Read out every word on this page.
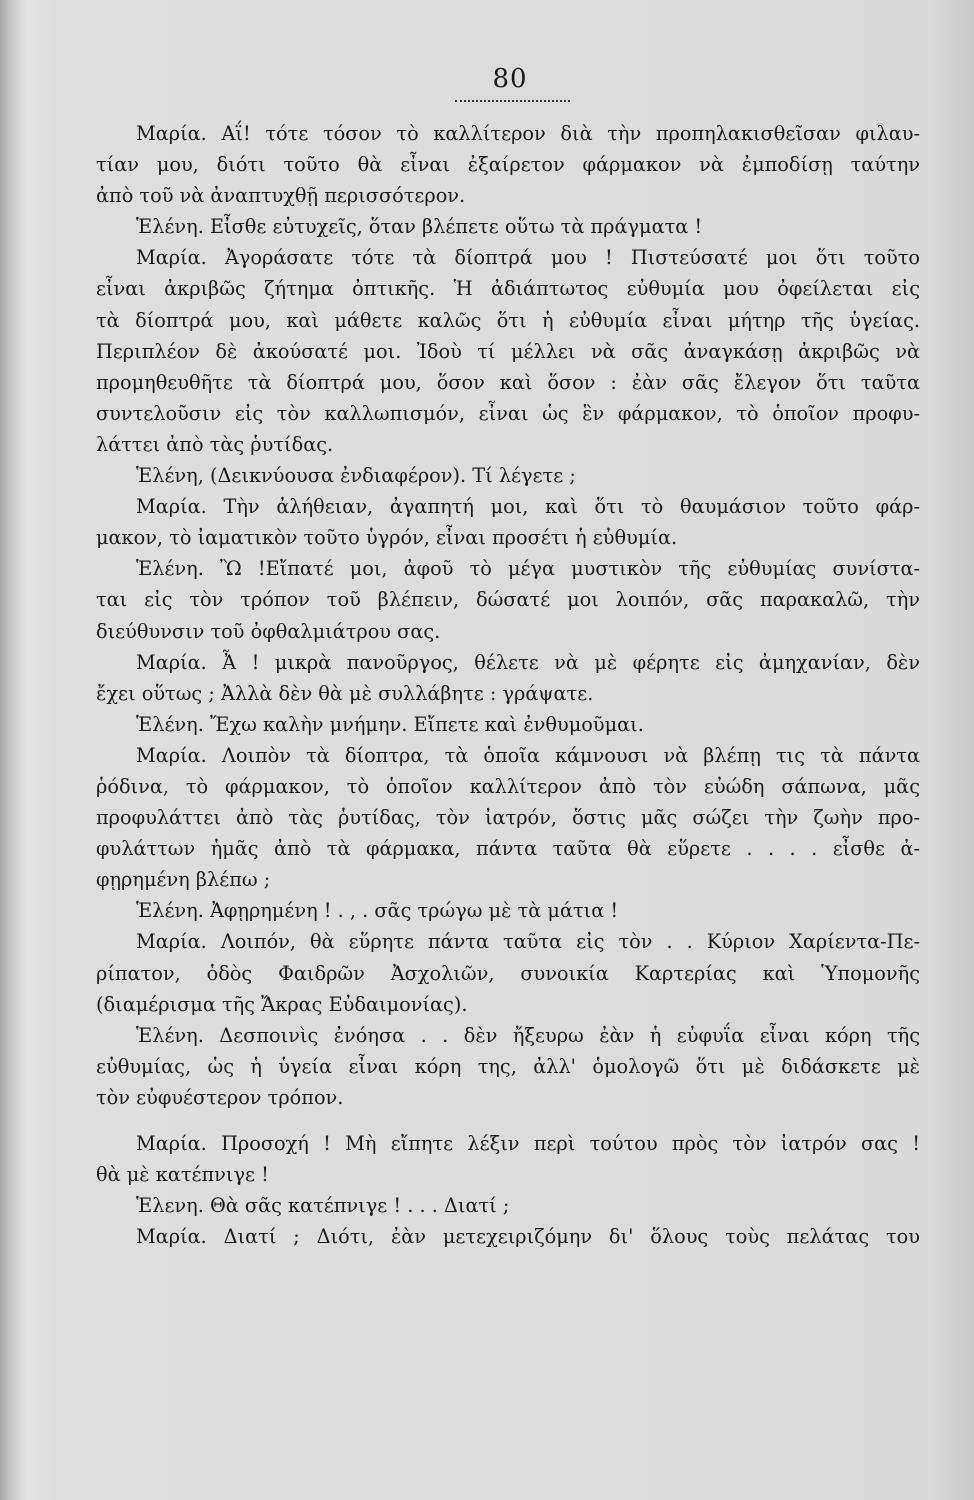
80
Μαρία. Αΐ! τότε τόσον τὸ καλλίτερον διὰ τὴν προπηλακισθεῖσαν φιλαυ-
τίαν μου, διότι τοῦτο θὰ εἶναι ἐξαίρετον φάρμακον νὰ ἐμποδίσῃ ταύτην
ἀπὸ τοῦ νὰ ἀναπτυχθῇ περισσότερον.
Ἑλένη. Εἶσθε εὐτυχεῖς, ὅταν βλέπετε οὕτω τὰ πράγματα !
Μαρία. Ἀγοράσατε τότε τὰ δίοπτρά μου ! Πιστεύσατέ μοι ὅτι τοῦτο
εἶναι ἀκριβῶς ζήτημα ὀπτικῆς. Ἡ ἀδιάπτωτος εὐθυμία μου ὀφείλεται εἰς
τὰ δίοπτρά μου, καὶ μάθετε καλῶς ὅτι ἡ εὐθυμία εἶναι μήτηρ τῆς ὑγείας.
Περιπλέον δὲ ἀκούσατέ μοι. Ἰδοὺ τί μέλλει νὰ σᾶς ἀναγκάσῃ ἀκριβῶς νὰ
προμηθευθῆτε τὰ δίοπτρά μου, ὅσον καὶ ὅσον : ἐὰν σᾶς ἔλεγον ὅτι ταῦτα
συντελοῦσιν εἰς τὸν καλλωπισμόν, εἶναι ὡς ἓν φάρμακον, τὸ ὁποῖον προφυ-
λάττει ἀπὸ τὰς ῥυτίδας.
Ἑλένη, (Δεικνύουσα ἐνδιαφέρον). Τί λέγετε ;
Μαρία. Τὴν ἀλήθειαν, ἀγαπητή μοι, καὶ ὅτι τὸ θαυμάσιον τοῦτο φάρ-
μακον, τὸ ἰαματικὸν τοῦτο ὑγρόν, εἶναι προσέτι ἡ εὐθυμία.
Ἑλένη. Ὢ !Εἴπατέ μοι, ἀφοῦ τὸ μέγα μυστικὸν τῆς εὐθυμίας συνίστα-
ται εἰς τὸν τρόπον τοῦ βλέπειν, δώσατέ μοι λοιπόν, σᾶς παρακαλῶ, τὴν
διεύθυνσιν τοῦ ὀφθαλμιάτρου σας.
Μαρία. Ἆ ! μικρὰ πανοῦργος, θέλετε νὰ μὲ φέρητε εἰς ἀμηχανίαν, δὲν
ἔχει οὕτως ; Ἀλλὰ δὲν θὰ μὲ συλλάβητε : γράψατε.
Ἑλένη. Ἔχω καλὴν μνήμην. Εἴπετε καὶ ἐνθυμοῦμαι.
Μαρία. Λοιπὸν τὰ δίοπτρα, τὰ ὁποῖα κάμνουσι νὰ βλέπῃ τις τὰ πάντα
ῥόδινα, τὸ φάρμακον, τὸ ὁποῖον καλλίτερον ἀπὸ τὸν εὐώδη σάπωνα, μᾶς
προφυλάττει ἀπὸ τὰς ῥυτίδας, τὸν ἰατρόν, ὅστις μᾶς σώζει τὴν ζωὴν προ-
φυλάττων ἡμᾶς ἀπὸ τὰ φάρμακα, πάντα ταῦτα θὰ εὕρετε . . . . εἶσθε ἀ-
φῃρημένη βλέπω ;
Ἑλένη. Ἀφῃρημένη ! . , . σᾶς τρώγω μὲ τὰ μάτια !
Μαρία. Λοιπόν, θὰ εὕρητε πάντα ταῦτα εἰς τὸν . . Κύριον Χαρίεντα-Πε-
ρίπατον, ὁδὸς Φαιδρῶν Ἀσχολιῶν, συνοικία Καρτερίας καὶ Ὑπομονῆς
(διαμέρισμα τῆς Ἄκρας Εὐδαιμονίας).
Ἑλένη. Δεσποινὶς ἐνόησα . . δὲν ἤξευρω ἐὰν ἡ εὐφυΐα εἶναι κόρη τῆς
εὐθυμίας, ὡς ἡ ὑγεία εἶναι κόρη της, ἀλλ' ὁμολογῶ ὅτι μὲ διδάσκετε μὲ
τὸν εὐφυέστερον τρόπον.
Μαρία. Προσοχή ! Μὴ εἴπητε λέξιν περὶ τούτου πρὸς τὸν ἰατρόν σας !
θὰ μὲ κατέπνιγε !
Ἑλενη. Θὰ σᾶς κατέπνιγε ! . . . Διατί ;
Μαρία. Διατί ; Διότι, ἐὰν μετεχειριζόμην δι' ὅλους τοὺς πελάτας του
